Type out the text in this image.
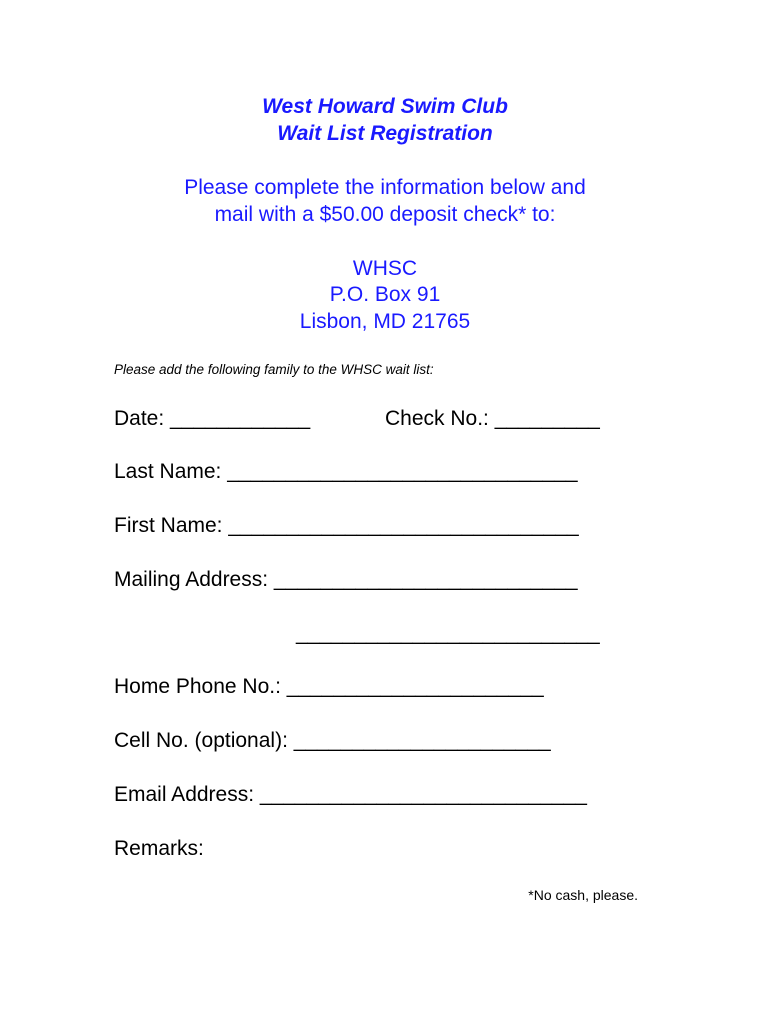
West Howard Swim Club
Wait List Registration
Please complete the information below and
mail with a $50.00 deposit check* to:
WHSC
P.O. Box 91
Lisbon, MD 21765
Please add the following family to the WHSC wait list:
Date: ____________	Check No.: _________
Last Name: ______________________________
First Name: ______________________________
Mailing Address: __________________________
__________________________
Home Phone No.: ______________________
Cell No. (optional): ______________________
Email Address: ____________________________
Remarks:
*No cash, please.
